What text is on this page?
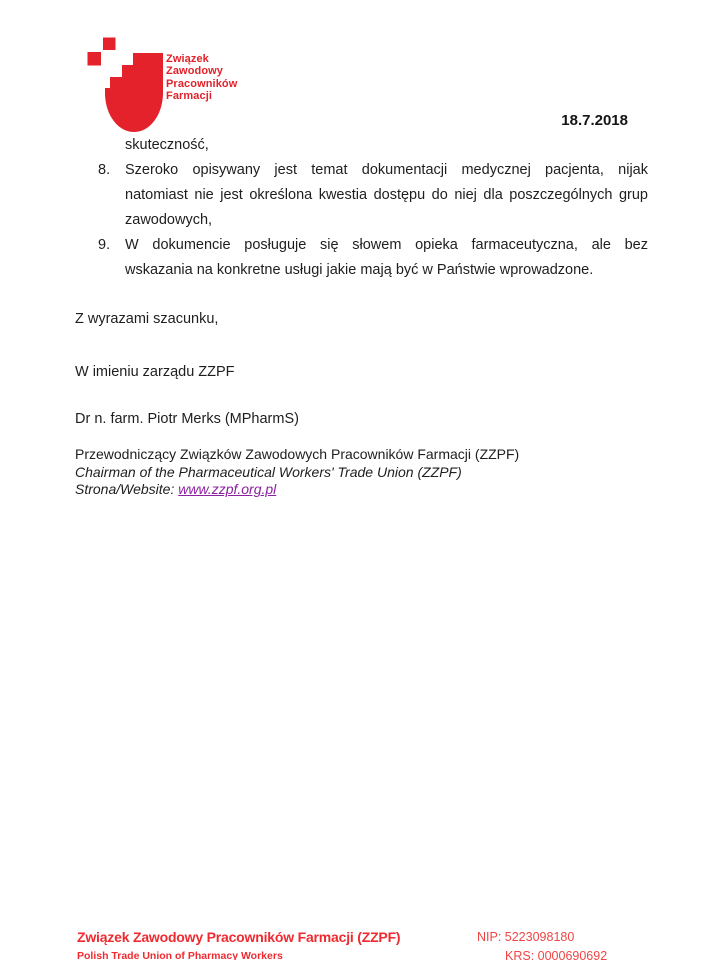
Związek
Zawodowy
Pracowników
Farmacji
18.7.2018
skuteczność,
8. Szeroko opisywany jest temat dokumentacji medycznej pacjenta, nijak
natomiast nie jest określona kwestia dostępu do niej dla poszczególnych grup
zawodowych,
9. W dokumencie posługuje się słowem opieka farmaceutyczna, ale bez
wskazania na konkretne usługi jakie mają być w Państwie wprowadzone.
Z wyrazami szacunku,
W imieniu zarządu ZZPF
Dr n. farm. Piotr Merks (MPharmS)
Przewodniczący Związków Zawodowych Pracowników Farmacji (ZZPF)
Chairman of the Pharmaceutical Workers' Trade Union (ZZPF)
Strona/Website: www.zzpf.org.pl
Związek Zawodowy Pracowników Farmacji (ZZPF)
Polish Trade Union of Pharmacy Workers
NIP: 5223098180
KRS: 0000690692
